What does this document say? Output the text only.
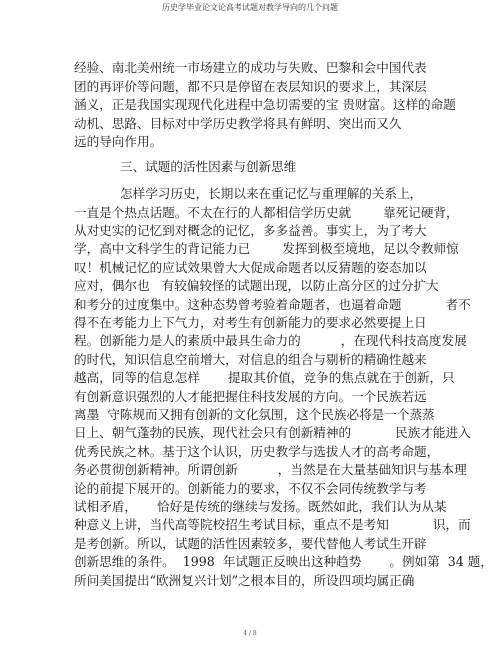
历史学毕业论文论高考试题对教学导向的几个问题
经验、南北美州统一市场建立的成功与失败、巴黎和会中国代表
团的再评价等问题，都不只是停留在表层知识的要求上，其深层
涵义，正是我国实现现代化进程中急切需要的宝 贵财富。这样的命题
动机、思路、目标对中学历史教学将具有鲜明、突出而又久
远的导向作用。
三、试题的活性因素与创新思维
怎样学习历史，长期以来在重记忆与重理解的关系上，
一直是个热点话题。不太在行的人都相信学历史就        靠死记硬背，
从对史实的记忆到对概念的记忆，多多益善。事实上，为了考大
学，高中文科学生的背记能力已        发挥到极至境地，足以令教师惊
叹！机械记忆的应试效果曾大大促成命题者以反猜题的姿态加以
应对，偶尔也   有较偏较怪的试题出现，以防止高分区的过分扩大
和考分的过度集中。这种态势曾考验着命题者，也逼着命题           者不
得不在考能力上下气力，对考生有创新能力的要求必然要提上日
程。创新能力是人的素质中最具生命力的          ，在现代科技高度发展
的时代，知识信息空前增大，对信息的组合与剔析的精确性越来
越高，同等的信息怎样       提取其价值，竞争的焦点就在于创新，只
有创新意识强烈的人才能把握住科技发展的方向。一个民族若远
离墨  守陈规而又拥有创新的文化氛围，这个民族必将是一个蒸蒸
日上、朝气蓬勃的民族，现代社会只有创新精神的           民族才能进入
优秀民族之林。基于这个认识，历史教学与选拔人才的高考命题，
务必贯彻创新精神。所谓创新          ，当然是在大量基础知识与基本理
论的前提下展开的。创新能力的要求，不仅不会同传统教学与考
试相矛盾，     恰好是传统的继续与发扬。既然如此，我们认为从某
种意义上讲，当代高等院校招生考试目标，重点不是考知           识，而
是考创新。所以，试题的活性因素较多，要代替他人考试生开辟
创新思维的条件。  1998  年试题正反映出这种趋势       。例如第  34 题，
所问美国提出“欧洲复兴计划”之根本目的，所设四项均属正确
4 / 8
